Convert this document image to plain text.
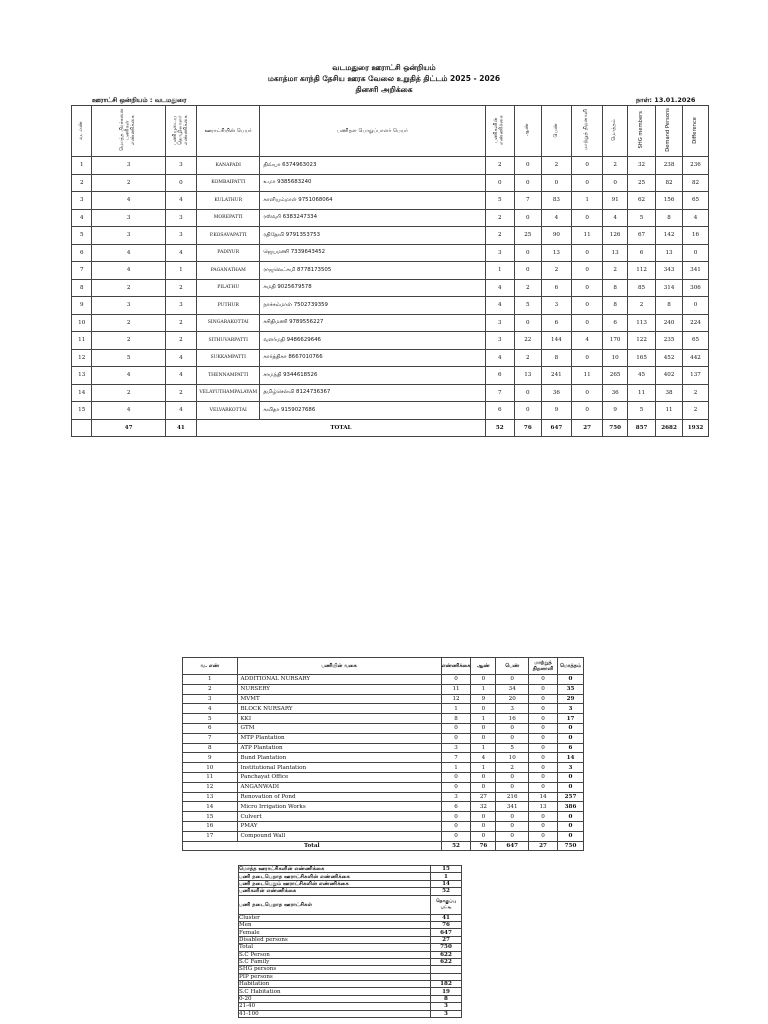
வடமதுரை ஊராட்சி ஒன்றியம்
மகாத்மா காந்தி தேசிய ஊரக வேலை உறுதித் திட்டம் 2025 - 2026
தினசரி அறிக்கை
ஊராட்சி ஒன்றியம் : வடமதுரை	நாள்: 13.01.2026
வ. எண்	மொத்த பிரச்சனை பணிகள் எண்ணிக்கை	பணியுடைய தொழிலாளர் எண்ணிக்கை	ஊராட்சியின் பெயர்	பணிதள பொறுப்பாளர் பெயர்	பணிகளின் எண்ணிக்கை	ஆண்	பெண்	மாற்றுத் திறனாளி	மொத்தம்	SHG members	Demand Persons	Difference
1	3	3	KANAPADI	திவ்யா 6374963023	2	0	2	0	2	32	238	236
2	2	0	KOMBAIPATTI	உமா 9385683240	0	0	0	0	0	25	82	82
3	4	4	KULATHUR	காளியம்மாள் 9751068064	5	7	83	1	91	62	156	65
4	3	3	MOREPATTI	ரஸ்வரி 6383247334	2	0	4	0	4	5	8	4
5	3	3	P.KOSAVAPATTI	ரதிதேவி 9791353753	2	25	90	11	126	67	142	16
6	4	4	PADIYUR	ஜெயமணி 7339643452	3	0	13	0	13	6	13	0
7	4	1	PAGANATHAM	ராஜலெட்சுமி 8778173505	1	0	2	0	2	112	343	341
8	2	2	PILATHU	சுமதி 9025679578	4	2	6	0	8	85	314	306
9	3	3	PUTHUR	நாச்சம்மாள் 7502739359	4	5	3	0	8	2	8	0
10	2	2	SINGARAKOTTAI	சசிதிமணி 9789556227	3	0	6	0	6	113	240	224
11	2	2	SITHUVARPATTI	வளர்மதி 9486629646	3	22	144	4	170	122	235	65
12	5	4	SUKKAMPATTI	கார்த்திகா 8667010766	4	2	8	0	10	165	452	442
13	4	4	THENNAMPATTI	சாமந்தி 9344618526	6	13	241	11	265	45	402	137
14	2	2	VELAYUTHAMPALAYAM	தமிழ்செல்வி 8124736367	7	0	36	0	36	11	38	2
15	4	4	VELVARKOTTAI	கவிதா 9159027686	6	0	9	0	9	5	11	2
	47	41	TOTAL		52	76	647	27	750	857	2682	1932
வ. எண்	பணியின் வகை	எண்ணிக்கை	ஆண்	பெண்	மாற்றுத் திறனாளி	மொத்தம்
1	ADDITIONAL NURSARY	0	0	0	0	0
2	NURSERY	11	1	34	0	35
3	MVMT	12	9	20	0	29
4	BLOCK NURSARY	1	0	3	0	3
5	KKI	8	1	16	0	17
6	GTM	0	0	0	0	0
7	MTP Plantation	0	0	0	0	0
8	ATP Plantation	3	1	5	0	6
9	Bund Plantation	7	4	10	0	14
10	Institutional Plantation	1	1	2	0	3
11	Panchayat Office	0	0	0	0	0
12	ANGANWADI	0	0	0	0	0
13	Renovation of Pond	3	27	216	14	257
14	Micro Irrigation Works	6	32	341	13	386
15	Culvert	0	0	0	0	0
16	PMAY	0	0	0	0	0
17	Compound Wall	0	0	0	0	0
Total		52	76	647	27	750
மொத்த ஊராட்சிகளின் எண்ணிக்கை	15
பணி நடைபெறாத ஊராட்சிகளின் எண்ணிக்கை	1
பணி நடைபெறும் ஊராட்சிகளின் எண்ணிக்கை	14
பணிகளின் எண்ணிக்கை	52
பணி நடைபெறாத ஊராட்சிகள்	தொகுப்பு பட்டி
Cluster	41
Men	76
Female	647
Disabled persons	27
Total	750
S.C Person	622
S.C Family	622
SHG persons	
PIP persons	
Habitation	182
S.C Habitation	19
0-20	8
21-40	3
41-100	3
